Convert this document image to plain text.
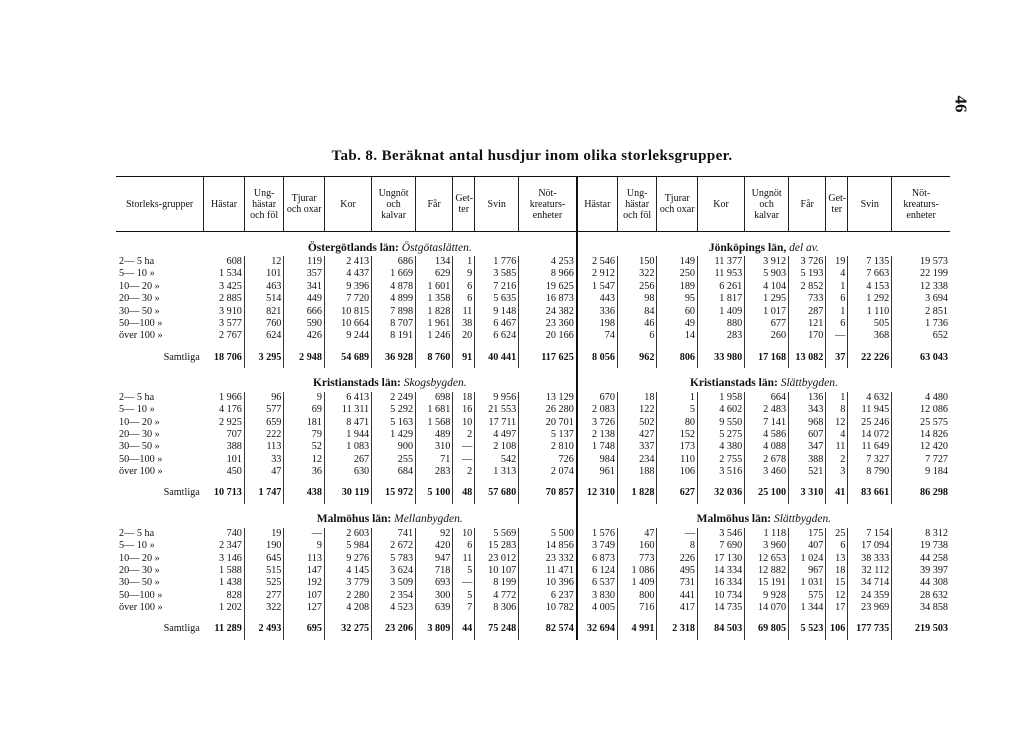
46
Tab. 8. Beräknat antal husdjur inom olika storleksgrupper.
Storleks-grupper	Hästar	Ung-hästar och föl	Tjurar och oxar	Kor	Ungnöt och kalvar	Får	Get-ter	Svin	Nöt-kreaturs-enheter	Hästar	Ung-hästar och föl	Tjurar och oxar	Kor	Ungnöt och kalvar	Får	Get-ter	Svin	Nöt-kreaturs-enheter
	Östergötlands län: Östgötaslätten.									Jönköpings län, del av.								
2— 5 ha	608	12	119	2 413	686	134	1	1 776	4 253	2 546	150	149	11 377	3 912	3 726	19	7 135	19 573
5— 10 »	1 534	101	357	4 437	1 669	629	9	3 585	8 966	2 912	322	250	11 953	5 903	5 193	4	7 663	22 199
10— 20 »	3 425	463	341	9 396	4 878	1 601	6	7 216	19 625	1 547	256	189	6 261	4 104	2 852	1	4 153	12 338
20— 30 »	2 885	514	449	7 720	4 899	1 358	6	5 635	16 873	443	98	95	1 817	1 295	733	6	1 292	3 694
30— 50 »	3 910	821	666	10 815	7 898	1 828	11	9 148	24 382	336	84	60	1 409	1 017	287	1	1 110	2 851
50—100 »	3 577	760	590	10 664	8 707	1 961	38	6 467	23 360	198	46	49	880	677	121	6	505	1 736
över 100 »	2 767	624	426	9 244	8 191	1 246	20	6 624	20 166	74	6	14	283	260	170	—	368	652

Samtliga	18 706	3 295	2 948	54 689	36 928	8 760	91	40 441	117 625	8 056	962	806	33 980	17 168	13 082	37	22 226	63 043
	Kristianstads län: Skogsbygden.									Kristianstads län: Slättbygden.								
2— 5 ha	1 966	96	9	6 413	2 249	698	18	9 956	13 129	670	18	1	1 958	664	136	1	4 632	4 480
5— 10 »	4 176	577	69	11 311	5 292	1 681	16	21 553	26 280	2 083	122	5	4 602	2 483	343	8	11 945	12 086
10— 20 »	2 925	659	181	8 471	5 163	1 568	10	17 711	20 701	3 726	502	80	9 550	7 141	968	12	25 246	25 575
20— 30 »	707	222	79	1 944	1 429	489	2	4 497	5 137	2 138	427	152	5 275	4 586	607	4	14 072	14 826
30— 50 »	388	113	52	1 083	900	310	—	2 108	2 810	1 748	337	173	4 380	4 088	347	11	11 649	12 420
50—100 »	101	33	12	267	255	71	—	542	726	984	234	110	2 755	2 678	388	2	7 327	7 727
över 100 »	450	47	36	630	684	283	2	1 313	2 074	961	188	106	3 516	3 460	521	3	8 790	9 184

Samtliga	10 713	1 747	438	30 119	15 972	5 100	48	57 680	70 857	12 310	1 828	627	32 036	25 100	3 310	41	83 661	86 298
	Malmöhus län: Mellanbygden.									Malmöhus län: Slättbygden.								
2— 5 ha	740	19	—	2 603	741	92	10	5 569	5 500	1 576	47	—	3 546	1 118	175	25	7 154	8 312
5— 10 »	2 347	190	9	5 984	2 672	420	6	15 283	14 856	3 749	160	8	7 690	3 960	407	6	17 094	19 738
10— 20 »	3 146	645	113	9 276	5 783	947	11	23 012	23 332	6 873	773	226	17 130	12 653	1 024	13	38 333	44 258
20— 30 »	1 588	515	147	4 145	3 624	718	5	10 107	11 471	6 124	1 086	495	14 334	12 882	967	18	32 112	39 397
30— 50 »	1 438	525	192	3 779	3 509	693	—	8 199	10 396	6 537	1 409	731	16 334	15 191	1 031	15	34 714	44 308
50—100 »	828	277	107	2 280	2 354	300	5	4 772	6 237	3 830	800	441	10 734	9 928	575	12	24 359	28 632
över 100 »	1 202	322	127	4 208	4 523	639	7	8 306	10 782	4 005	716	417	14 735	14 070	1 344	17	23 969	34 858

Samtliga	11 289	2 493	695	32 275	23 206	3 809	44	75 248	82 574	32 694	4 991	2 318	84 503	69 805	5 523	106	177 735	219 503
